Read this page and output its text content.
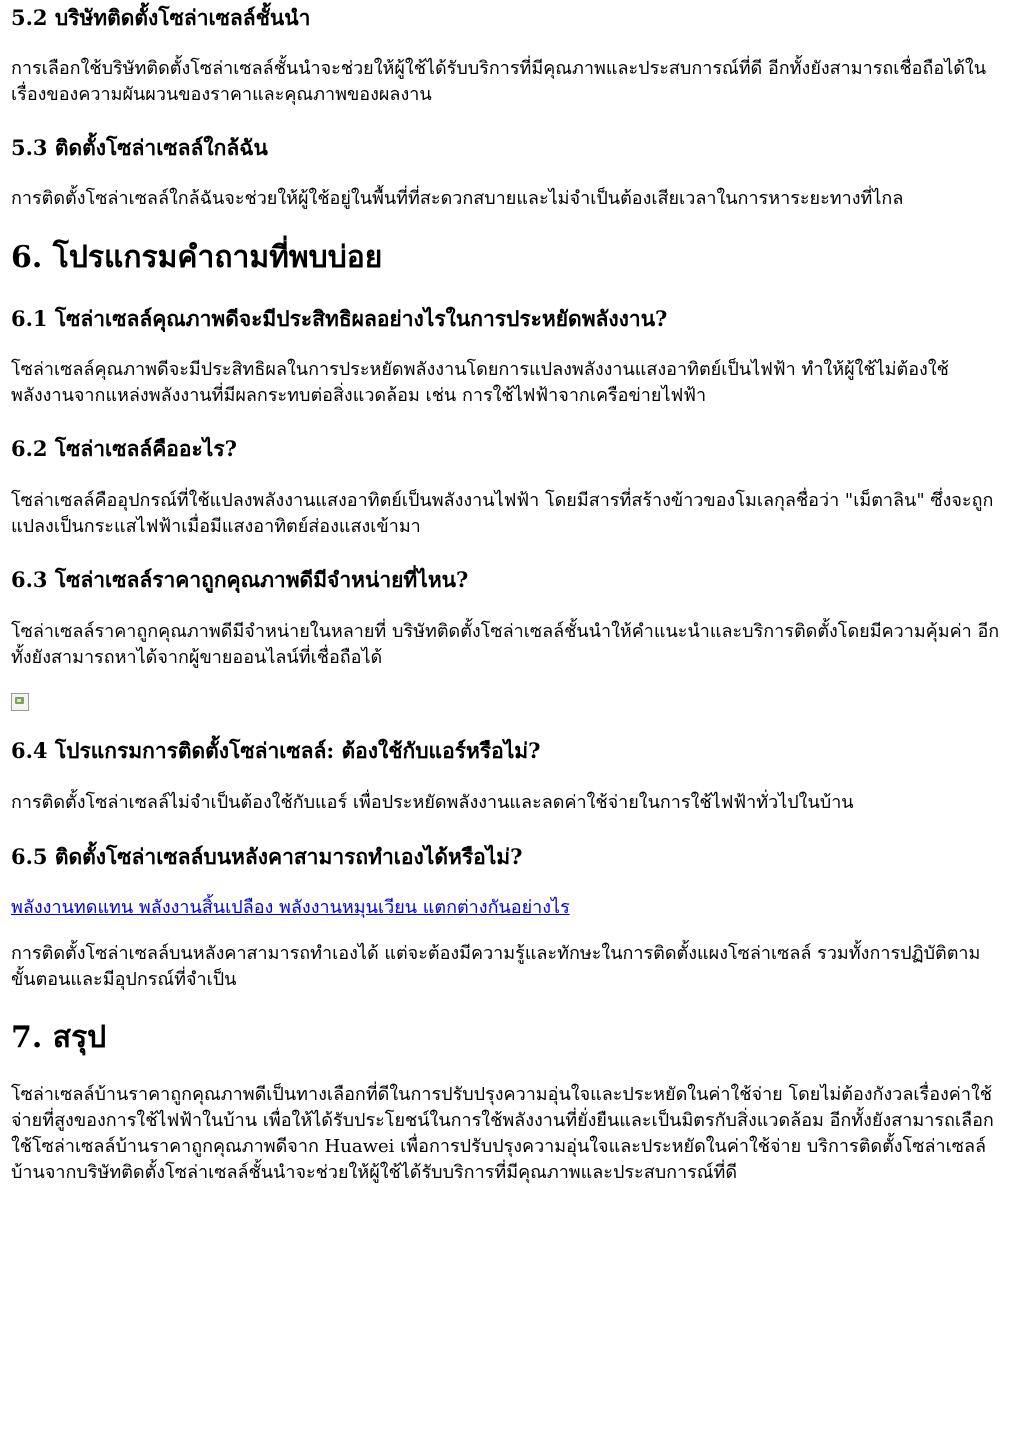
5.2 บริษัทติดตั้งโซล่าเซลล์ชั้นนำ

การเลือกใช้บริษัทติดตั้งโซล่าเซลล์ชั้นนำจะช่วยให้ผู้ใช้ได้รับบริการที่มีคุณภาพและประสบการณ์ที่ดี อีกทั้งยังสามารถเชื่อถือได้ในเรื่องของความผันผวนของราคาและคุณภาพของผลงาน

5.3 ติดตั้งโซล่าเซลล์ใกล้ฉัน

การติดตั้งโซล่าเซลล์ใกล้ฉันจะช่วยให้ผู้ใช้อยู่ในพื้นที่ที่สะดวกสบายและไม่จำเป็นต้องเสียเวลาในการหาระยะทางที่ไกล

6. โปรแกรมคำถามที่พบบ่อย
6.1 โซล่าเซลล์คุณภาพดีจะมีประสิทธิผลอย่างไรในการประหยัดพลังงาน?

โซล่าเซลล์คุณภาพดีจะมีประสิทธิผลในการประหยัดพลังงานโดยการแปลงพลังงานแสงอาทิตย์เป็นไฟฟ้า ทำให้ผู้ใช้ไม่ต้องใช้พลังงานจากแหล่งพลังงานที่มีผลกระทบต่อสิ่งแวดล้อม เช่น การใช้ไฟฟ้าจากเครือข่ายไฟฟ้า

6.2 โซล่าเซลล์คืออะไร?

โซล่าเซลล์คืออุปกรณ์ที่ใช้แปลงพลังงานแสงอาทิตย์เป็นพลังงานไฟฟ้า โดยมีสารที่สร้างข้าวของโมเลกุลชื่อว่า "เม็ตาลิน" ซึ่งจะถูกแปลงเป็นกระแสไฟฟ้าเมื่อมีแสงอาทิตย์ส่องแสงเข้ามา

6.3 โซล่าเซลล์ราคาถูกคุณภาพดีมีจำหน่ายที่ไหน?

โซล่าเซลล์ราคาถูกคุณภาพดีมีจำหน่ายในหลายที่ บริษัทติดตั้งโซล่าเซลล์ชั้นนำให้คำแนะนำและบริการติดตั้งโดยมีความคุ้มค่า อีกทั้งยังสามารถหาได้จากผู้ขายออนไลน์ที่เชื่อถือได้

6.4 โปรแกรมการติดตั้งโซล่าเซลล์: ต้องใช้กับแอร์หรือไม่?

การติดตั้งโซล่าเซลล์ไม่จำเป็นต้องใช้กับแอร์ เพื่อประหยัดพลังงานและลดค่าใช้จ่ายในการใช้ไฟฟ้าทั่วไปในบ้าน

6.5 ติดตั้งโซล่าเซลล์บนหลังคาสามารถทำเองได้หรือไม่?

พลังงานทดแทน พลังงานสิ้นเปลือง พลังงานหมุนเวียน แตกต่างกันอย่างไร

การติดตั้งโซล่าเซลล์บนหลังคาสามารถทำเองได้ แต่จะต้องมีความรู้และทักษะในการติดตั้งแผงโซล่าเซลล์ รวมทั้งการปฏิบัติตามขั้นตอนและมีอุปกรณ์ที่จำเป็น

7. สรุป

โซล่าเซลล์บ้านราคาถูกคุณภาพดีเป็นทางเลือกที่ดีในการปรับปรุงความอุ่นใจและประหยัดในค่าใช้จ่าย โดยไม่ต้องกังวลเรื่องค่าใช้จ่ายที่สูงของการใช้ไฟฟ้าในบ้าน เพื่อให้ได้รับประโยชน์ในการใช้พลังงานที่ยั่งยืนและเป็นมิตรกับสิ่งแวดล้อม อีกทั้งยังสามารถเลือกใช้โซล่าเซลล์บ้านราคาถูกคุณภาพดีจาก Huawei เพื่อการปรับปรุงความอุ่นใจและประหยัดในค่าใช้จ่าย บริการติดตั้งโซล่าเซลล์บ้านจากบริษัทติดตั้งโซล่าเซลล์ชั้นนำจะช่วยให้ผู้ใช้ได้รับบริการที่มีคุณภาพและประสบการณ์ที่ดี
